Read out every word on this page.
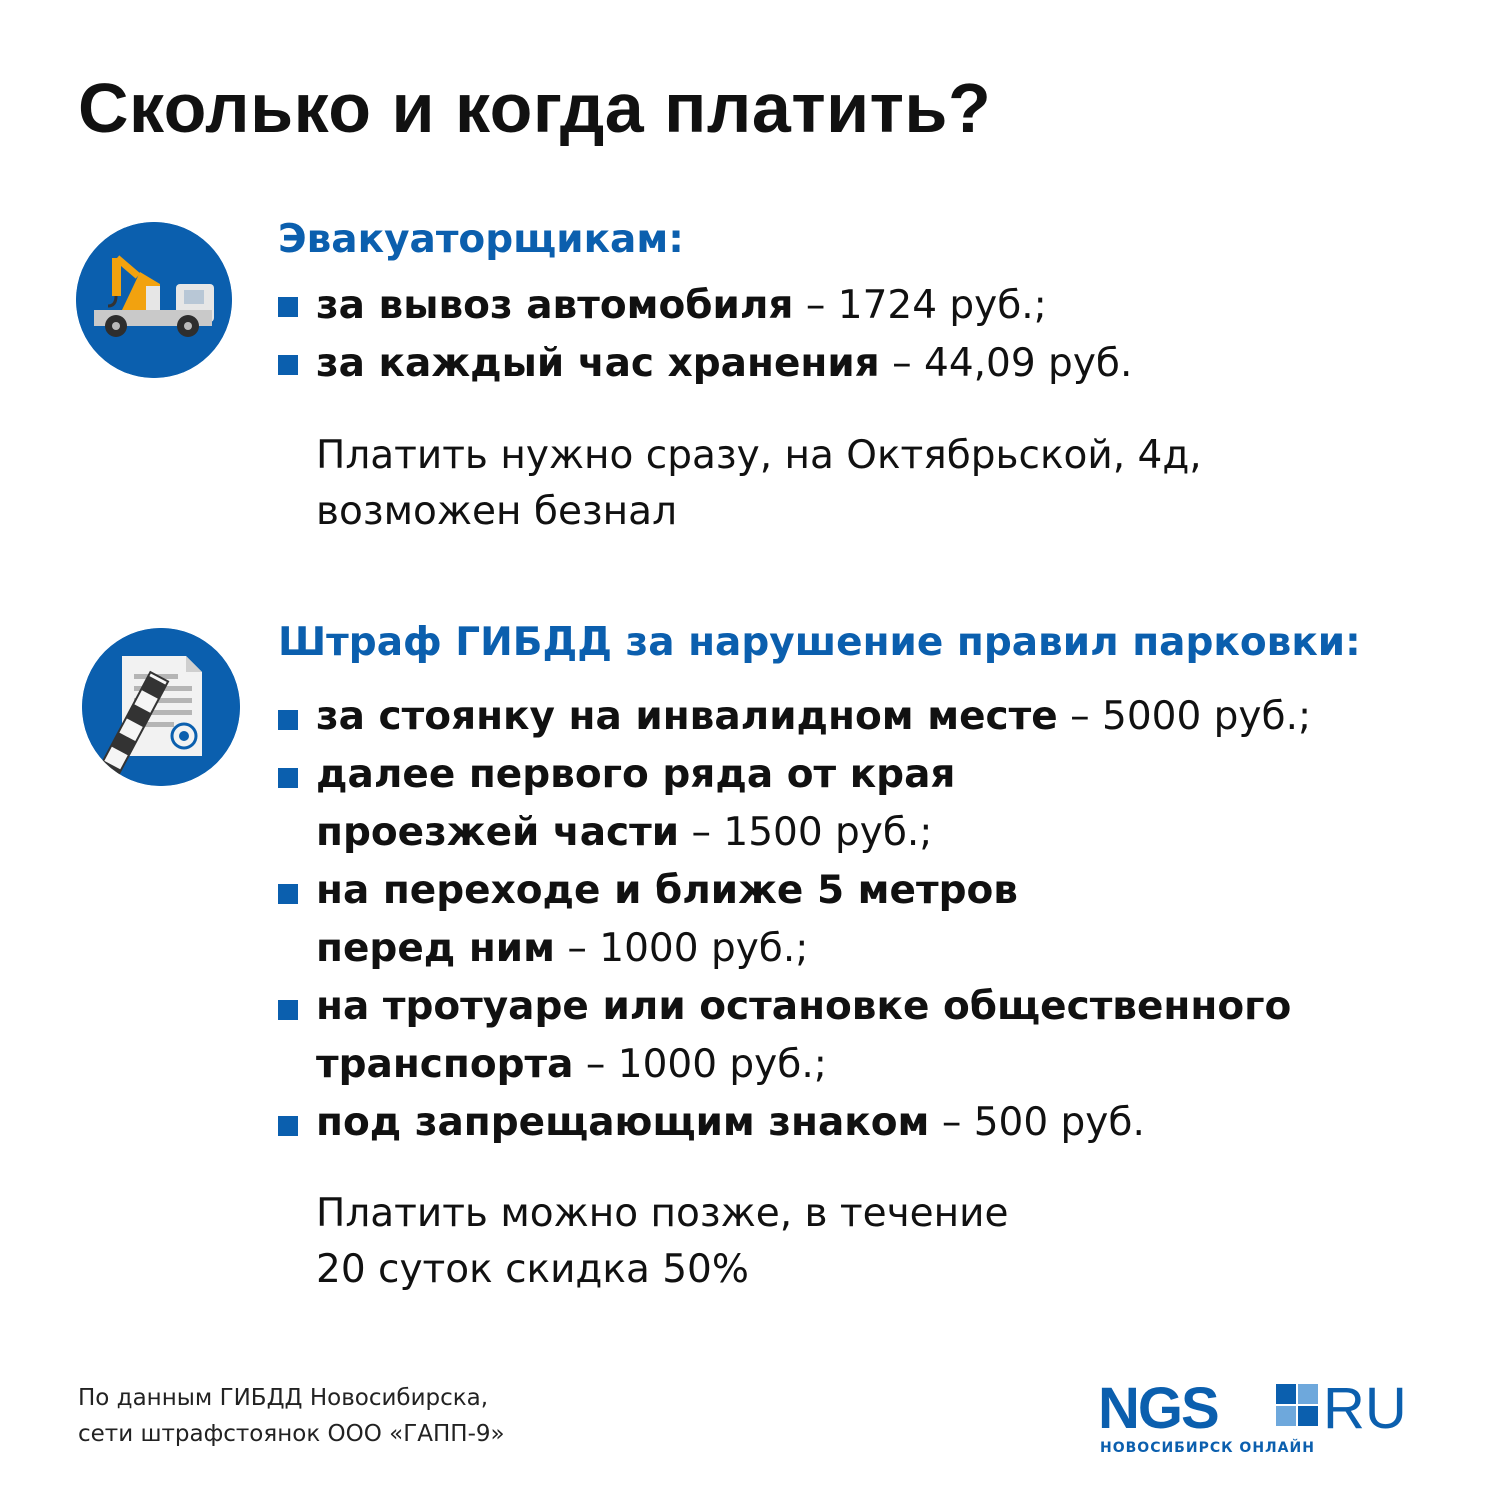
Сколько и когда платить?
Эвакуаторщикам:
за вывоз автомобиля – 1724 руб.;
за каждый час хранения – 44,09 руб.
Платить нужно сразу, на Октябрьской, 4д,
возможен безнал
Штраф ГИБДД за нарушение правил парковки:
за стоянку на инвалидном месте – 5000 руб.;
далее первого ряда от края
проезжей части – 1500 руб.;
на переходе и ближе 5 метров
перед ним – 1000 руб.;
на тротуаре или остановке общественного
транспорта – 1000 руб.;
под запрещающим знаком – 500 руб.
Платить можно позже, в течение
20 суток скидка 50%
По данным ГИБДД Новосибирска,
сети штрафстоянок ООО «ГАПП-9»	NGS RU
НОВОСИБИРСК ОНЛАЙН
